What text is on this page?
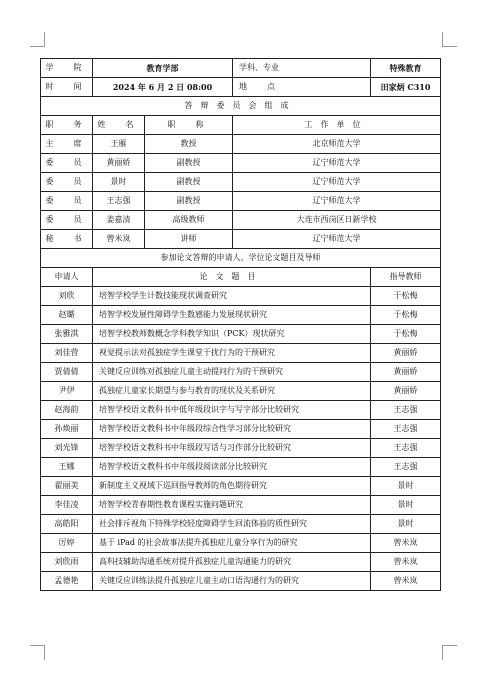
学　院	教育学部		学科、专业	特殊教育
时　间	2024 年 6 月 2 日 08:00		地　点	田家炳 C310
答辩委员会组成				
职　务	姓　名	职　称	工作单位	
主　席	王雁	教授	北京师范大学	
委　员	黄丽娇	副教授	辽宁师范大学	
委　员	景时	副教授	辽宁师范大学	
委　员	王志强	副教授	辽宁师范大学	
委　员	姜嘉清	高级教师	大连市西岗区日新学校	
秘　书	曾米岚	讲师	辽宁师范大学	
参加论文答辩的申请人、学位论文题目及导师				
申请人	论文题目			指导教师
刘欣	培智学校学生计数技能现状调查研究			于松梅
赵璐	培智学校发展性障碍学生数感能力发展现状研究			于松梅
张雅淇	培智学校教师数概念学科教学知识（PCK）现状研究			于松梅
刘佳营	视觉提示法对孤独症学生课堂干扰行为的干预研究			黄丽娇
贾倩倩	关键反应训练对孤独症儿童主动提问行为的干预研究			黄丽娇
尹伊	孤独症儿童家长期望与参与教育的现状及关系研究			黄丽娇
赵海韵	培智学校语文教科书中低年级段识字与写字部分比较研究			王志强
孙焕丽	培智学校语文教科书中年级段综合性学习部分比较研究			王志强
刘光锋	培智学校语文教科书中年级段写话与习作部分比较研究			王志强
王娜	培智学校语文教科书中年级段阅读部分比较研究			王志强
翟丽美	新制度主义视域下巡回指导教师的角色期待研究			景时
李佳凌	培智学校青春期性教育课程实施问题研究			景时
高皓阳	社会排斥视角下特殊学校轻度障碍学生回流体验的质性研究			景时
厉婷	基于 iPad 的社会故事法提升孤独症儿童分享行为的研究			曾米岚
刘欣雨	高科技辅助沟通系统对提升孤独症儿童沟通能力的研究			曾米岚
孟德艳	关键反应训练法提升孤独症儿童主动口语沟通行为的研究			曾米岚
